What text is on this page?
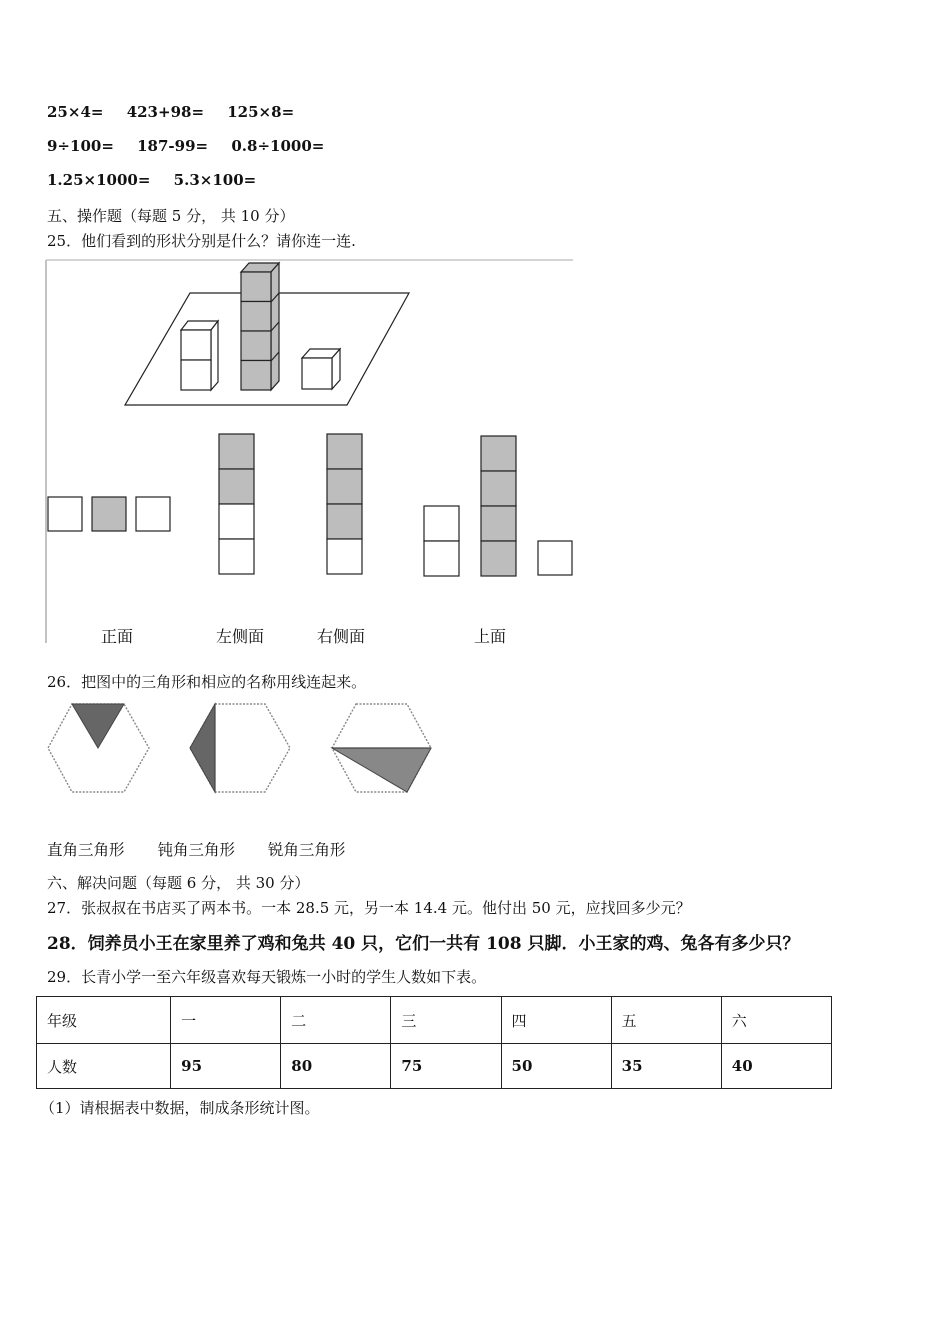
25×4= 423+98= 125×8=
9÷100= 187-99= 0.8÷1000=
1.25×1000= 5.3×100=
五、操作题（每题 5 分， 共 10 分）
25．他们看到的形状分别是什么？请你连一连.
正面	左侧面	右侧面	上面
26．把图中的三角形和相应的名称用线连起来。
直角三角形 钝角三角形 锐角三角形
六、解决问题（每题 6 分， 共 30 分）
27．张叔叔在书店买了两本书。一本 28.5 元，另一本 14.4 元。他付出 50 元，应找回多少元？
28．饲养员小王在家里养了鸡和兔共 40 只，它们一共有 108 只脚．小王家的鸡、兔各有多少只？
29．长青小学一至六年级喜欢每天锻炼一小时的学生人数如下表。
年级	一	二	三	四	五	六
人数	95	80	75	50	35	40
（1）请根据表中数据，制成条形统计图。
